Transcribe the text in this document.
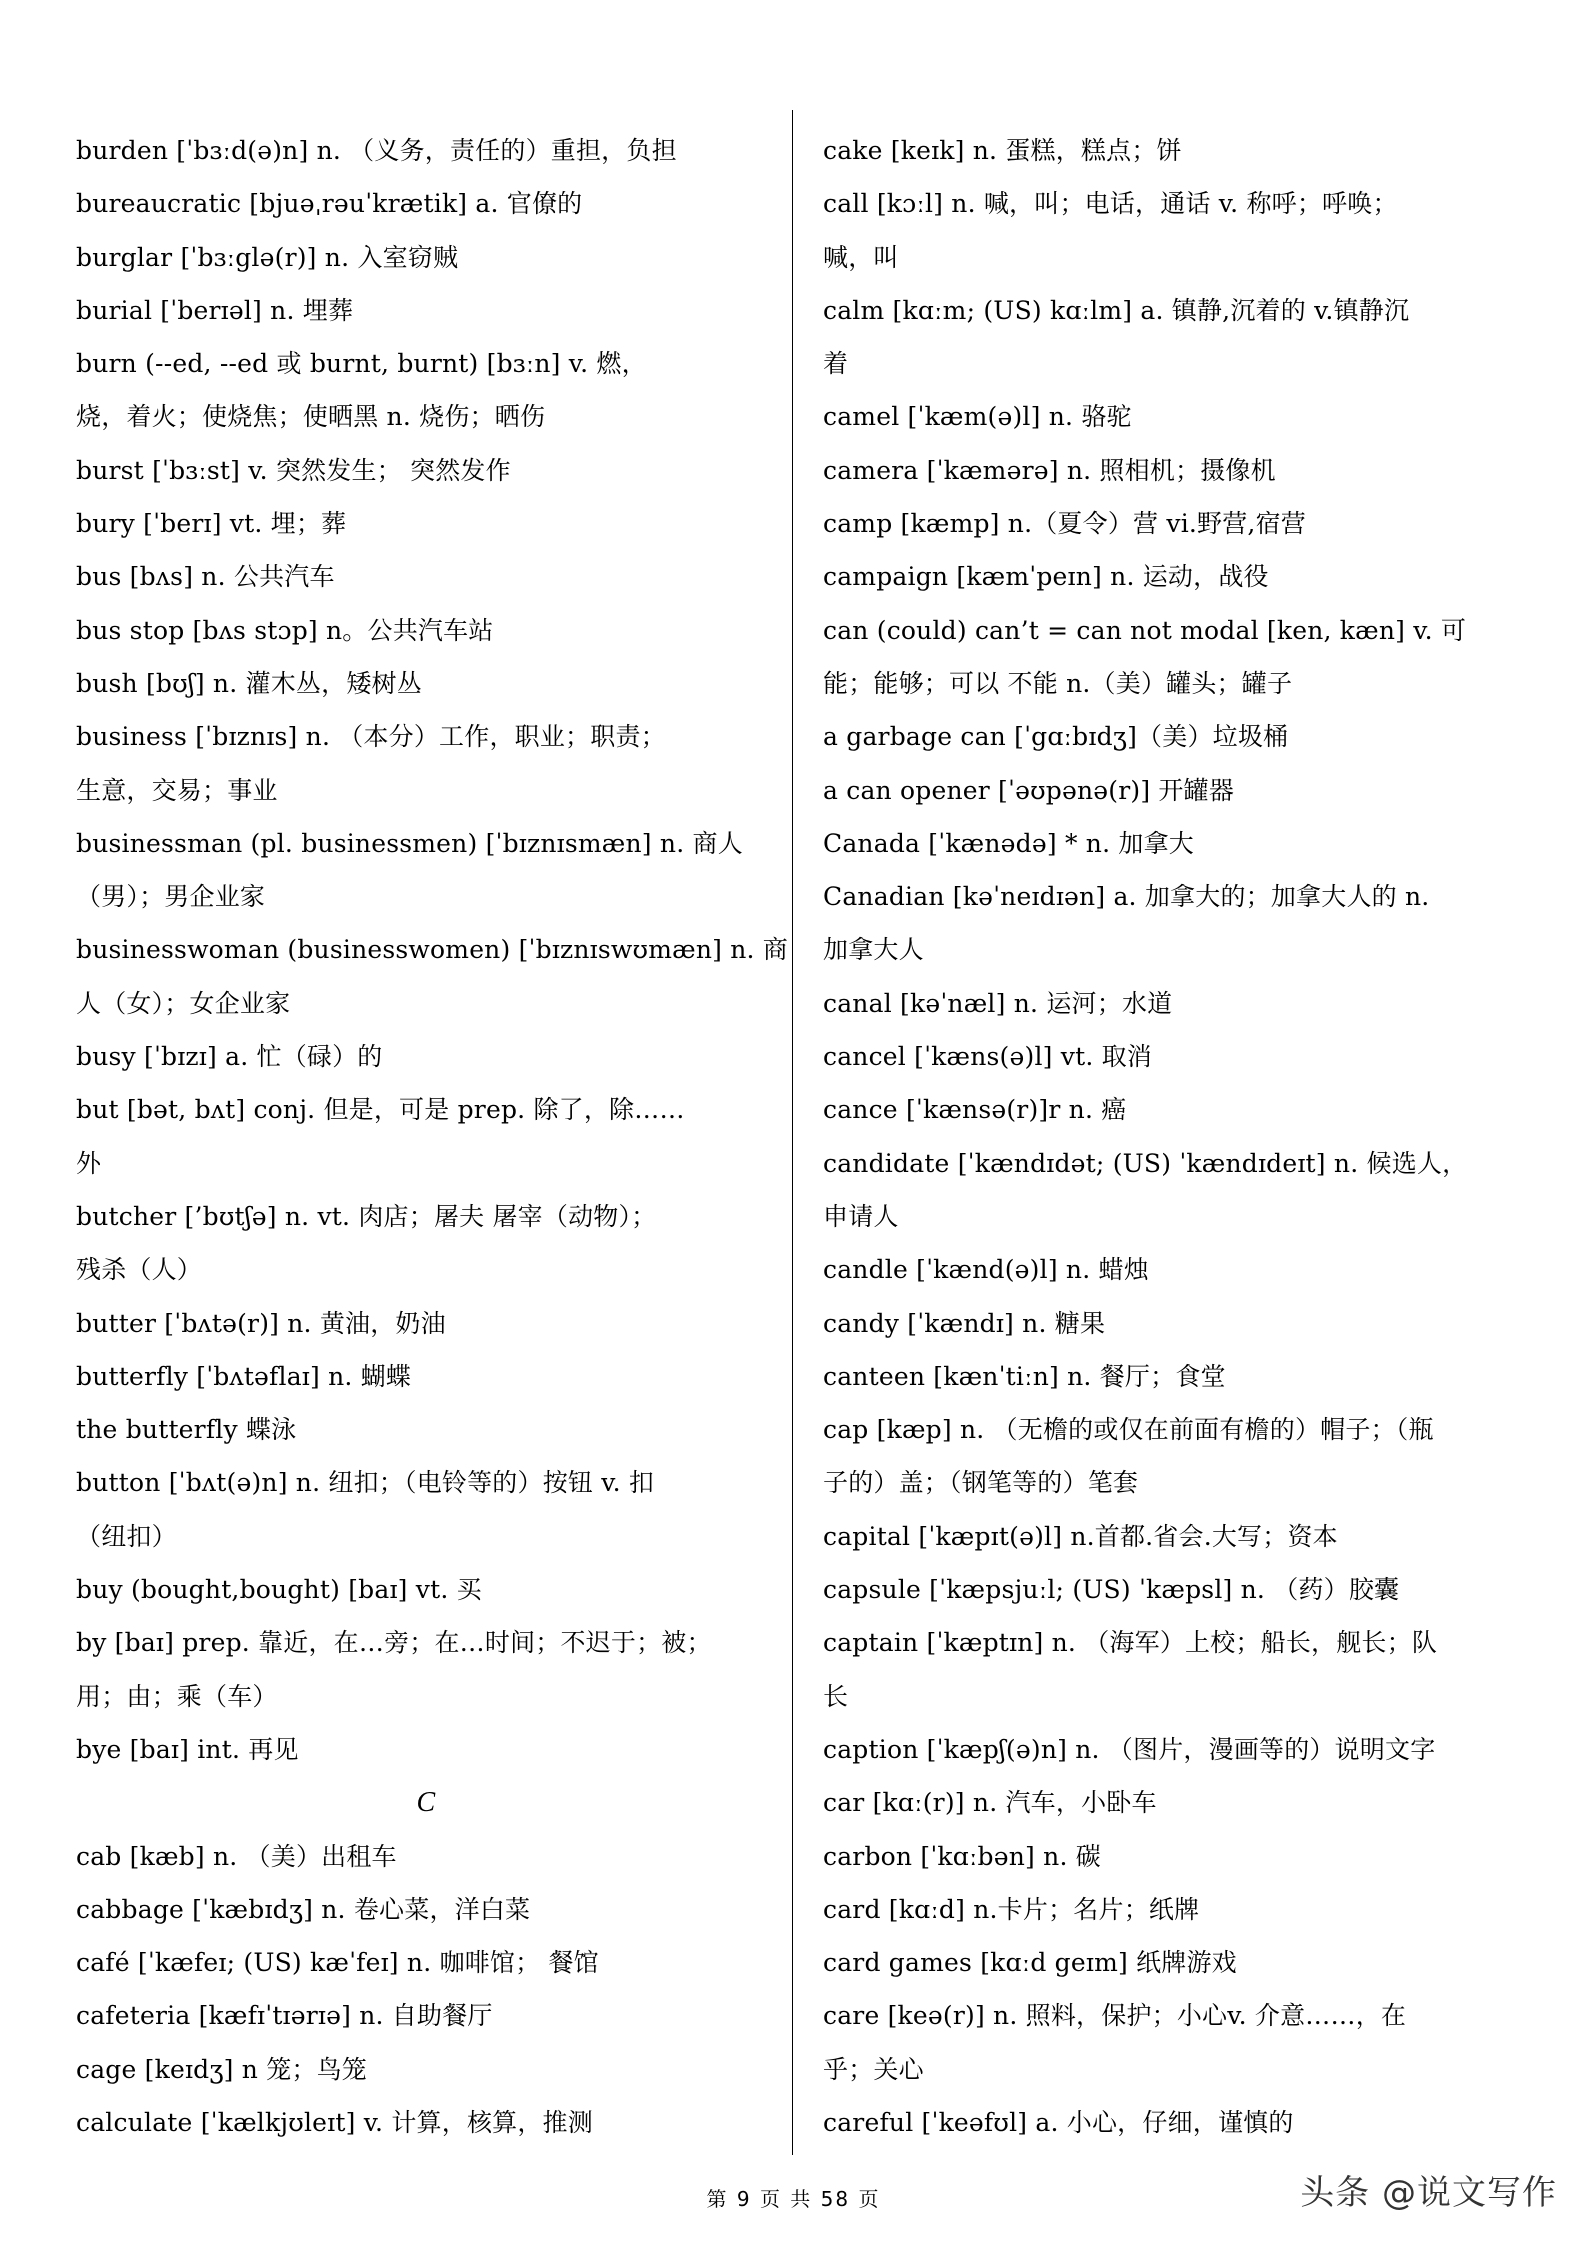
burden [ˈbɜːd(ə)n] n. （义务，责任的）重担，负担
bureaucratic [bjuəˌrəuˈkrætik] a. 官僚的
burglar [ˈbɜːglə(r)] n. 入室窃贼
burial [ˈberɪəl] n. 埋葬
burn (--ed, --ed 或 burnt, burnt) [bɜːn] v. 燃，
烧，着火；使烧焦；使晒黑 n. 烧伤；晒伤
burst [ˈbɜːst] v. 突然发生； 突然发作
bury [ˈberɪ] vt. 埋；葬
bus [bʌs] n. 公共汽车
bus stop [bʌs stɔp] n。公共汽车站
bush [bʊʃ] n. 灌木丛，矮树丛
business [ˈbɪznɪs] n. （本分）工作，职业；职责；
生意，交易；事业
businessman (pl. businessmen) [ˈbɪznɪsmæn] n. 商人
（男）；男企业家
businesswoman (businesswomen) [ˈbɪznɪswʊmæn] n. 商
人（女）；女企业家
busy [ˈbɪzɪ] a. 忙（碌）的
but [bət, bʌt] conj. 但是，可是 prep. 除了，除……
外
butcher [’bʊtʃə] n. vt. 肉店；屠夫 屠宰（动物）；
残杀（人）
butter [ˈbʌtə(r)] n. 黄油，奶油
butterfly [ˈbʌtəflaɪ] n. 蝴蝶
the butterfly 蝶泳
button [ˈbʌt(ə)n] n. 纽扣；（电铃等的）按钮 v. 扣
（纽扣）
buy (bought,bought) [baɪ] vt. 买
by [baɪ] prep. 靠近，在…旁；在…时间；不迟于；被；
用；由；乘（车）
bye [baɪ] int. 再见
C
cab [kæb] n. （美）出租车
cabbage [ˈkæbɪdʒ] n. 卷心菜，洋白菜
café [ˈkæfeɪ; (US) kæˈfeɪ] n. 咖啡馆； 餐馆
cafeteria [kæfɪˈtɪərɪə] n. 自助餐厅
cage [keɪdʒ] n 笼；鸟笼
calculate [ˈkælkjʊleɪt] v. 计算，核算，推测
cake [keɪk] n. 蛋糕，糕点；饼
call [kɔːl] n. 喊，叫；电话，通话 v. 称呼；呼唤；
喊，叫
calm [kɑːm; (US) kɑːlm] a. 镇静,沉着的 v.镇静沉
着
camel [ˈkæm(ə)l] n. 骆驼
camera [ˈkæmərə] n. 照相机；摄像机
camp [kæmp] n.（夏令）营 vi.野营,宿营
campaign [kæmˈpeɪn] n. 运动，战役
can (could) can’t = can not modal [ken, kæn] v. 可
能；能够；可以 不能 n.（美）罐头；罐子
a garbage can [ˈgɑːbɪdʒ]（美）垃圾桶
a can opener [ˈəʊpənə(r)] 开罐器
Canada [ˈkænədə] * n. 加拿大
Canadian [kəˈneɪdɪən] a. 加拿大的；加拿大人的 n.
加拿大人
canal [kəˈnæl] n. 运河；水道
cancel [ˈkæns(ə)l] vt. 取消
cance [ˈkænsə(r)]r n. 癌
candidate [ˈkændɪdət; (US) ˈkændɪdeɪt] n. 候选人，
申请人
candle [ˈkænd(ə)l] n. 蜡烛
candy [ˈkændɪ] n. 糖果
canteen [kænˈtiːn] n. 餐厅；食堂
cap [kæp] n. （无檐的或仅在前面有檐的）帽子；（瓶
子的）盖；（钢笔等的）笔套
capital [ˈkæpɪt(ə)l] n.首都.省会.大写；资本
capsule [ˈkæpsjuːl; (US) ˈkæpsl] n. （药）胶囊
captain [ˈkæptɪn] n. （海军）上校；船长，舰长；队
长
caption [ˈkæpʃ(ə)n] n. （图片，漫画等的）说明文字
car [kɑː(r)] n. 汽车，小卧车
carbon [ˈkɑːbən] n. 碳
card [kɑːd] n.卡片；名片；纸牌
card games [kɑːd geɪm] 纸牌游戏
care [keə(r)] n. 照料，保护；小心v. 介意……，在
乎；关心
careful [ˈkeəfʊl] a. 小心，仔细，谨慎的
第 9 页 共 58 页	头条 @说文写作
